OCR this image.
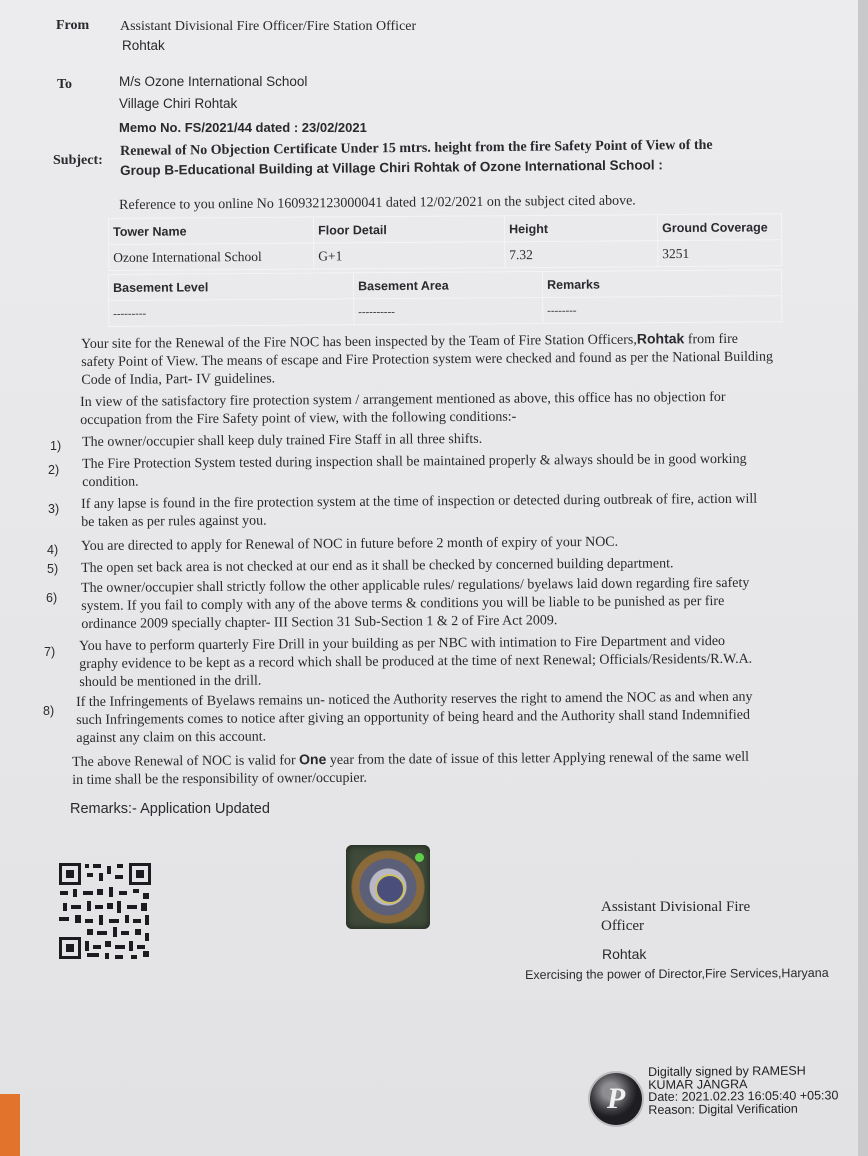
From Assistant Divisional Fire Officer/Fire Station Officer
Rohtak
To	M/s Ozone International School
Village Chiri Rohtak
Memo No. FS/2021/44 dated : 23/02/2021
Subject:
Renewal of No Objection Certificate Under 15 mtrs. height from the fire Safety Point of View of the
Group B-Educational Building at Village Chiri Rohtak of Ozone International School :
Reference to you online No 160932123000041 dated 12/02/2021 on the subject cited above.
Tower Name	Floor Detail	Height	Ground Coverage
Ozone International School	G+1	7.32	3251
Basement Level	Basement Area	Remarks
---------	----------	--------
Your site for the Renewal of the Fire NOC has been inspected by the Team of Fire Station Officers,Rohtak from fire
safety Point of View. The means of escape and Fire Protection system were checked and found as per the National Building
Code of India, Part- IV guidelines.
In view of the satisfactory fire protection system / arrangement mentioned as above, this office has no objection for
occupation from the Fire Safety point of view, with the following conditions:-
1) The owner/occupier shall keep duly trained Fire Staff in all three shifts.
2) The Fire Protection System tested during inspection shall be maintained properly & always should be in good working
condition.
3) If any lapse is found in the fire protection system at the time of inspection or detected during outbreak of fire, action will
be taken as per rules against you.
4) You are directed to apply for Renewal of NOC in future before 2 month of expiry of your NOC.
5) The open set back area is not checked at our end as it shall be checked by concerned building department.
6)
The owner/occupier shall strictly follow the other applicable rules/ regulations/ byelaws laid down regarding fire safety
system. If you fail to comply with any of the above terms & conditions you will be liable to be punished as per fire
ordinance 2009 specially chapter- III Section 31 Sub-Section 1 & 2 of Fire Act 2009.
7) You have to perform quarterly Fire Drill in your building as per NBC with intimation to Fire Department and video
graphy evidence to be kept as a record which shall be produced at the time of next Renewal; Officials/Residents/R.W.A.
should be mentioned in the drill.
8)
If the Infringements of Byelaws remains un- noticed the Authority reserves the right to amend the NOC as and when any
such Infringements comes to notice after giving an opportunity of being heard and the Authority shall stand Indemnified
against any claim on this account.
The above Renewal of NOC is valid for One year from the date of issue of this letter Applying renewal of the same well
in time shall be the responsibility of owner/occupier.
Remarks:- Application Updated
Assistant Divisional Fire
Officer
Rohtak
Exercising the power of Director,Fire Services,Haryana
P
Digitally signed by RAMESH
KUMAR JANGRA
Date: 2021.02.23 16:05:40 +05:30
Reason: Digital Verification
